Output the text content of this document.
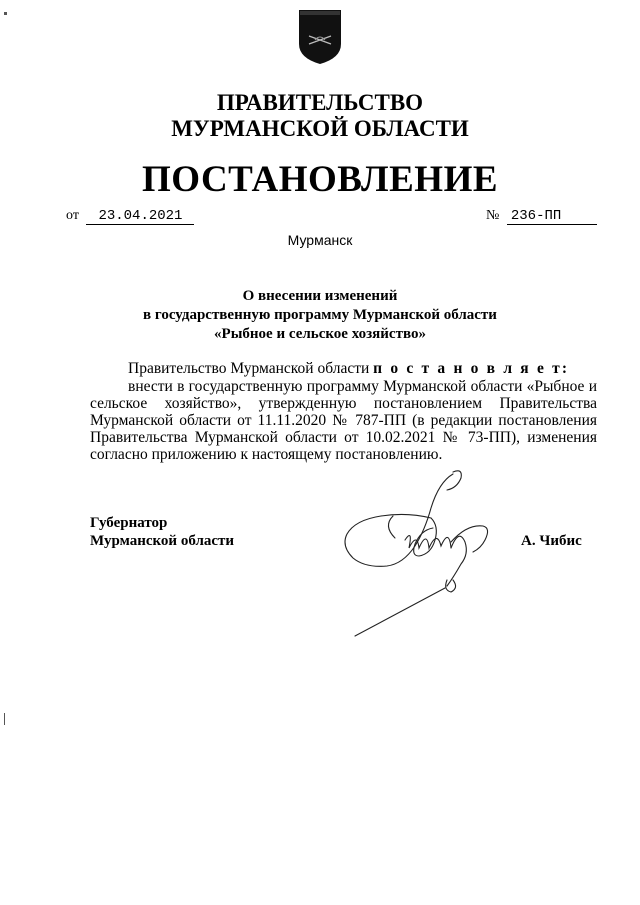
ПРАВИТЕЛЬСТВО
МУРМАНСКОЙ ОБЛАСТИ
ПОСТАНОВЛЕНИЕ
от 23.04.2021	№ 236-ПП
Мурманск
О внесении изменений
в государственную программу Мурманской области
«Рыбное и сельское хозяйство»
Правительство Мурманской области п о с т а н о в л я е т:
внести в государственную программу Мурманской области «Рыбное и сельское хозяйство», утвержденную постановлением Правительства Мурманской области от 11.11.2020 № 787-ПП (в редакции постановления Правительства Мурманской области от 10.02.2021 № 73-ПП), изменения согласно приложению к настоящему постановлению.
Губернатор
Мурманской области	А. Чибис
